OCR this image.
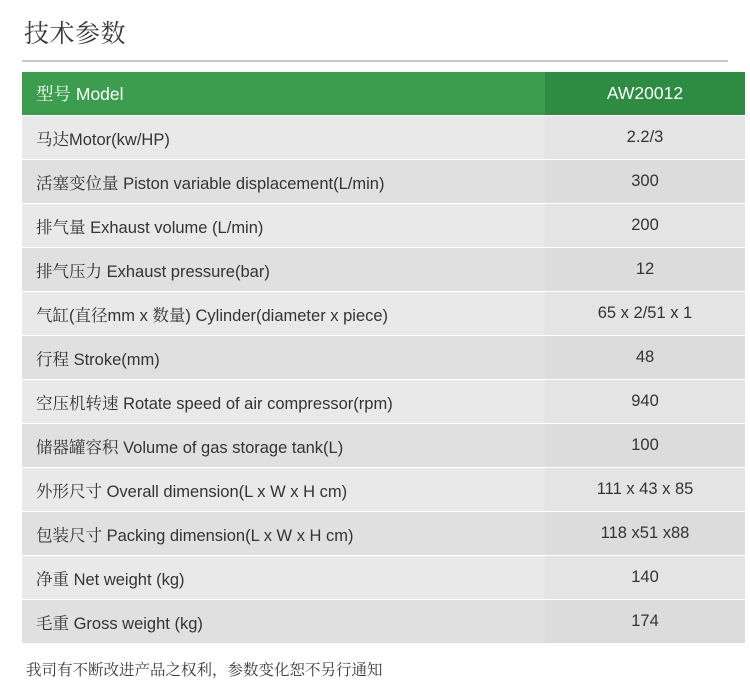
技术参数
型号 Model	AW20012
马达Motor(kw/HP)	2.2/3
活塞变位量 Piston variable displacement(L/min)	300
排气量 Exhaust volume (L/min)	200
排气压力 Exhaust pressure(bar)	12
气缸(直径mm x 数量) Cylinder(diameter x piece)	65 x 2/51 x 1
行程 Stroke(mm)	48
空压机转速 Rotate speed of air compressor(rpm)	940
储器罐容积 Volume of gas storage tank(L)	100
外形尺寸 Overall dimension(L x W x H cm)	111 x 43 x 85
包装尺寸 Packing dimension(L x W x H cm)	118 x51 x88
净重 Net weight (kg)	140
毛重 Gross weight (kg)	174
我司有不断改进产品之权利，参数变化恕不另行通知
